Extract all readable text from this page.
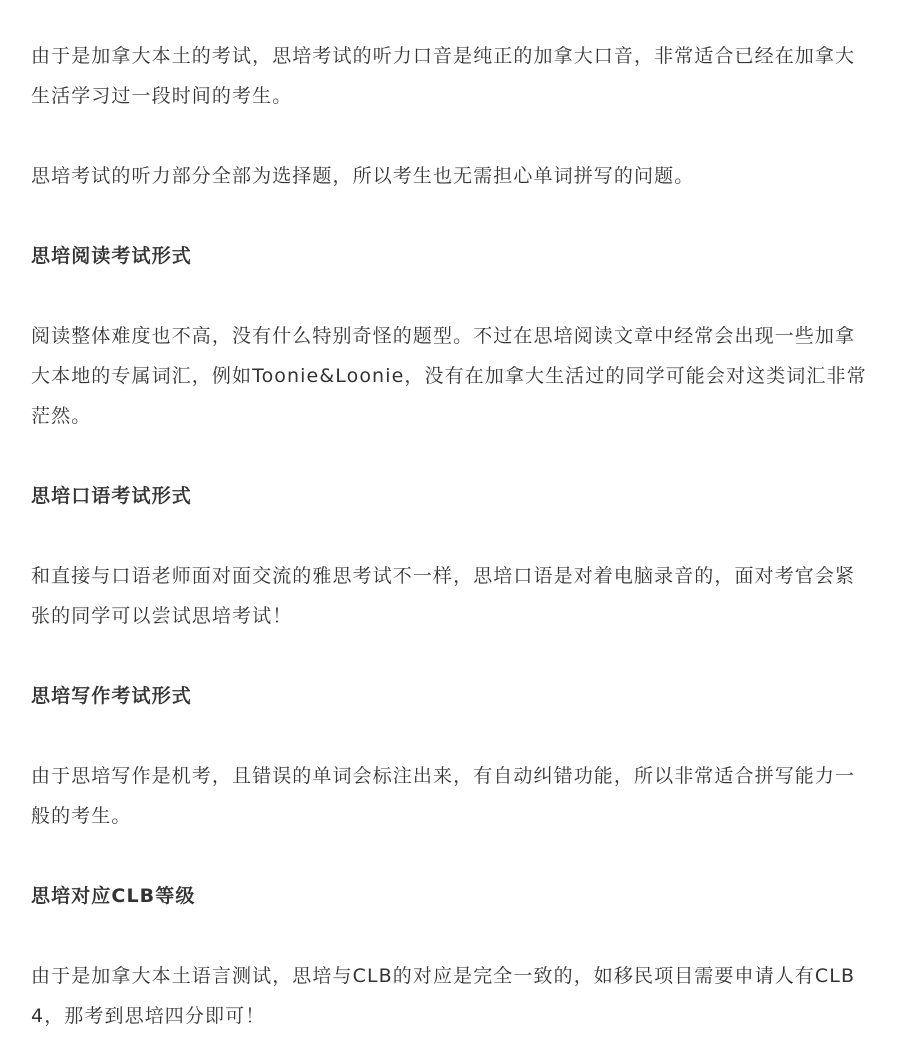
由于是加拿大本土的考试，思培考试的听力口音是纯正的加拿大口音，非常适合已经在加拿大生活学习过一段时间的考生。

思培考试的听力部分全部为选择题，所以考生也无需担心单词拼写的问题。

思培阅读考试形式

阅读整体难度也不高，没有什么特别奇怪的题型。不过在思培阅读文章中经常会出现一些加拿大本地的专属词汇，例如Toonie&Loonie，没有在加拿大生活过的同学可能会对这类词汇非常茫然。

思培口语考试形式

和直接与口语老师面对面交流的雅思考试不一样，思培口语是对着电脑录音的，面对考官会紧张的同学可以尝试思培考试！

思培写作考试形式

由于思培写作是机考，且错误的单词会标注出来，有自动纠错功能，所以非常适合拼写能力一般的考生。

思培对应CLB等级

由于是加拿大本土语言测试，思培与CLB的对应是完全一致的，如移民项目需要申请人有CLB4，那考到思培四分即可！
